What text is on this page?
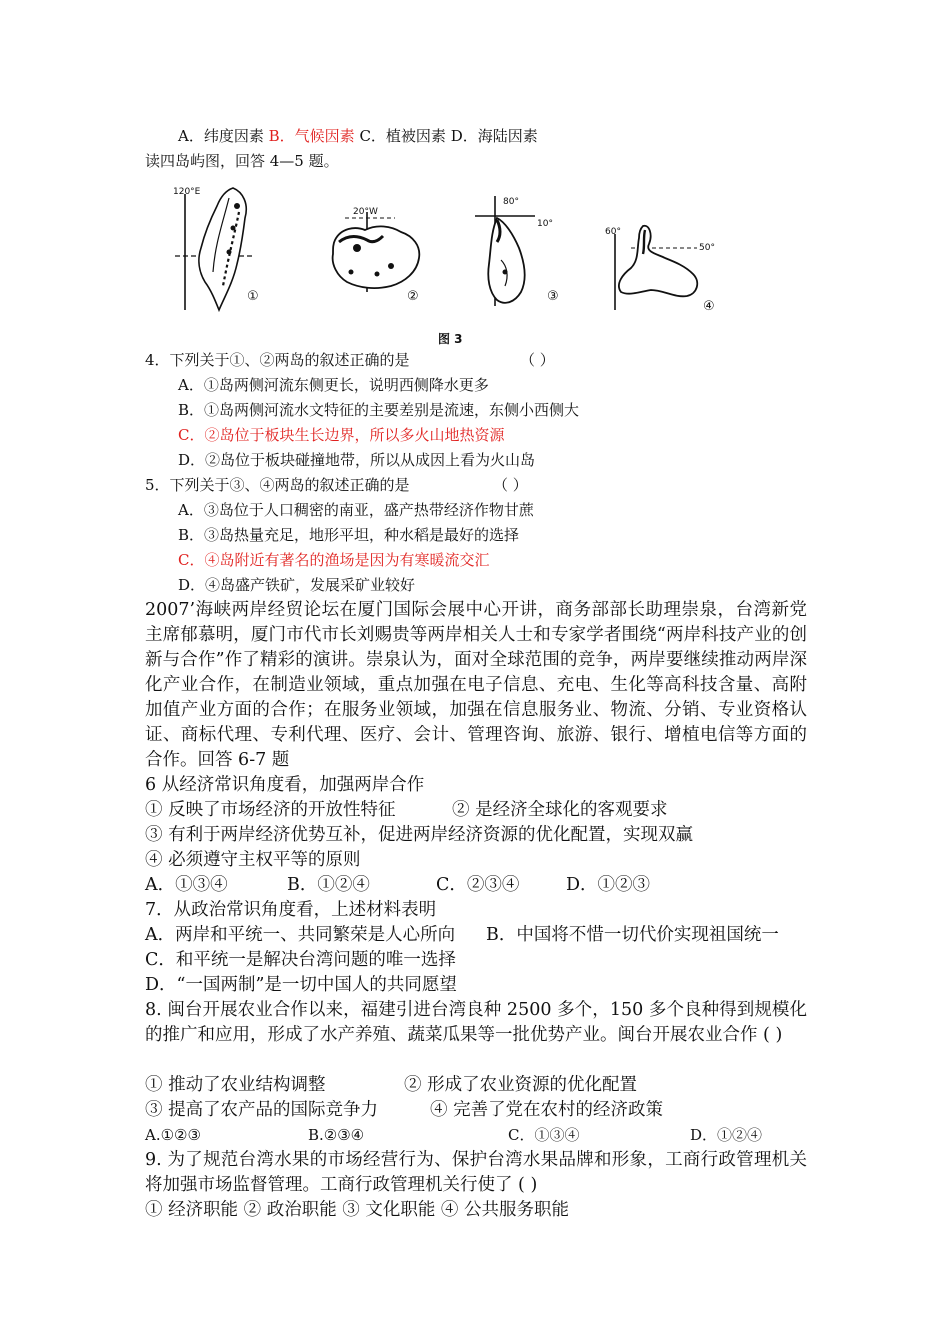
A．纬度因素 B．气候因素 C．植被因素 D．海陆因素
读四岛屿图，回答 4—5 题。
120°E
①
20°W
②
80°
10°
③
60°
50°
④
图 3
4．下列关于①、②两岛的叙述正确的是	（ ）
A．①岛两侧河流东侧更长，说明西侧降水更多
B．①岛两侧河流水文特征的主要差别是流速，东侧小西侧大
C．②岛位于板块生长边界，所以多火山地热资源
D．②岛位于板块碰撞地带，所以从成因上看为火山岛
5．下列关于③、④两岛的叙述正确的是	（ ）
A．③岛位于人口稠密的南亚，盛产热带经济作物甘蔗
B．③岛热量充足，地形平坦，种水稻是最好的选择
C．④岛附近有著名的渔场是因为有寒暖流交汇
D．④岛盛产铁矿，发展采矿业较好
2007’海峡两岸经贸论坛在厦门国际会展中心开讲，商务部部长助理崇泉，台湾新党主席郁慕明，厦门市代市长刘赐贵等两岸相关人士和专家学者围绕“两岸科技产业的创新与合作”作了精彩的演讲。崇泉认为，面对全球范围的竞争，两岸要继续推动两岸深化产业合作，在制造业领域，重点加强在电子信息、充电、生化等高科技含量、高附加值产业方面的合作；在服务业领域，加强在信息服务业、物流、分销、专业资格认证、商标代理、专利代理、医疗、会计、管理咨询、旅游、银行、增植电信等方面的合作。回答 6-7 题
6 从经济常识角度看，加强两岸合作
① 反映了市场经济的开放性特征	② 是经济全球化的客观要求
③ 有利于两岸经济优势互补，促进两岸经济资源的优化配置，实现双赢
④ 必须遵守主权平等的原则
A．①③④	B．①②④	C．②③④	D．①②③
7．从政治常识角度看，上述材料表明
A．两岸和平统一、共同繁荣是人心所向 B．中国将不惜一切代价实现祖国统一
C．和平统一是解决台湾问题的唯一选择
D．“一国两制”是一切中国人的共同愿望
8. 闽台开展农业合作以来，福建引进台湾良种 2500 多个，150 多个良种得到规模化的推广和应用，形成了水产养殖、蔬菜瓜果等一批优势产业。闽台开展农业合作 ( )
① 推动了农业结构调整	② 形成了农业资源的优化配置
③ 提高了农产品的国际竞争力	④ 完善了党在农村的经济政策
A.①②③	B.②③④	C．①③④	D．①②④
9. 为了规范台湾水果的市场经营行为、保护台湾水果品牌和形象，工商行政管理机关将加强市场监督管理。工商行政管理机关行使了 ( )
① 经济职能 ② 政治职能 ③ 文化职能 ④ 公共服务职能
